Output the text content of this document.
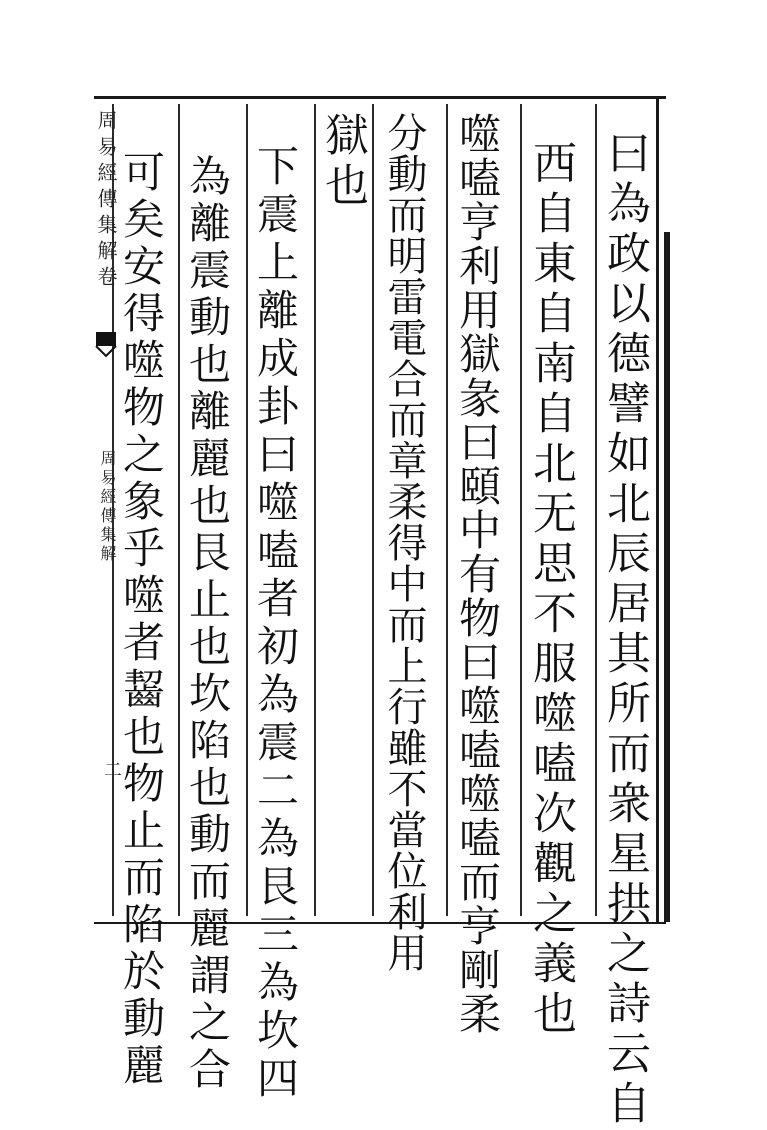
曰為政以德譬如北辰居其所而衆星拱之詩云自
西自東自南自北无思不服噬嗑次觀之義也
噬嗑亨利用獄彖曰頤中有物曰噬嗑噬嗑而亨剛柔
分動而明雷電合而章柔得中而上行雖不當位利用
獄也
下震上離成卦曰噬嗑者初為震二為艮三為坎四
為離震動也離麗也艮止也坎陷也動而麗謂之合
可矣安得噬物之象乎噬者齧也物止而陷於動麗
周易經傳集解卷
周易經傳集解
二
